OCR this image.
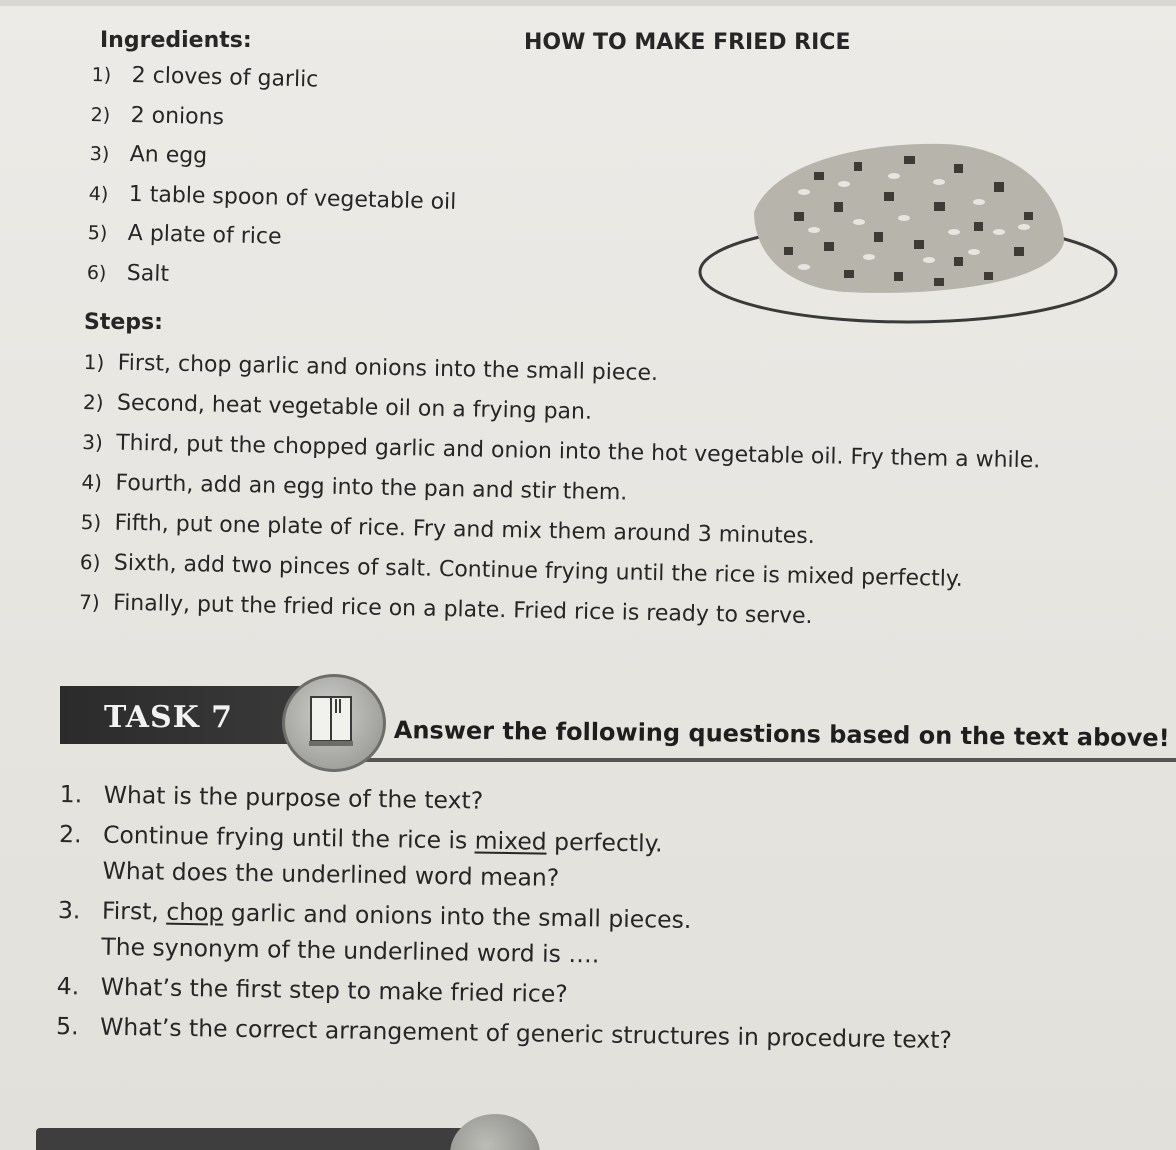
Ingredients:	HOW TO MAKE FRIED RICE
1) 2 cloves of garlic
2) 2 onions
3) An egg
4) 1 table spoon of vegetable oil
5) A plate of rice
6) Salt
Steps:
1) First, chop garlic and onions into the small piece.
2) Second, heat vegetable oil on a frying pan.
3) Third, put the chopped garlic and onion into the hot vegetable oil. Fry them a while.
4) Fourth, add an egg into the pan and stir them.
5) Fifth, put one plate of rice. Fry and mix them around 3 minutes.
6) Sixth, add two pinces of salt. Continue frying until the rice is mixed perfectly.
7) Finally, put the fried rice on a plate. Fried rice is ready to serve.
TASK 7	Answer the following questions based on the text above!
1. What is the purpose of the text?
2. Continue frying until the rice is mixed perfectly.
What does the underlined word mean?
3. First, chop garlic and onions into the small pieces.
The synonym of the underlined word is ….
4. What’s the first step to make fried rice?
5. What’s the correct arrangement of generic structures in procedure text?
